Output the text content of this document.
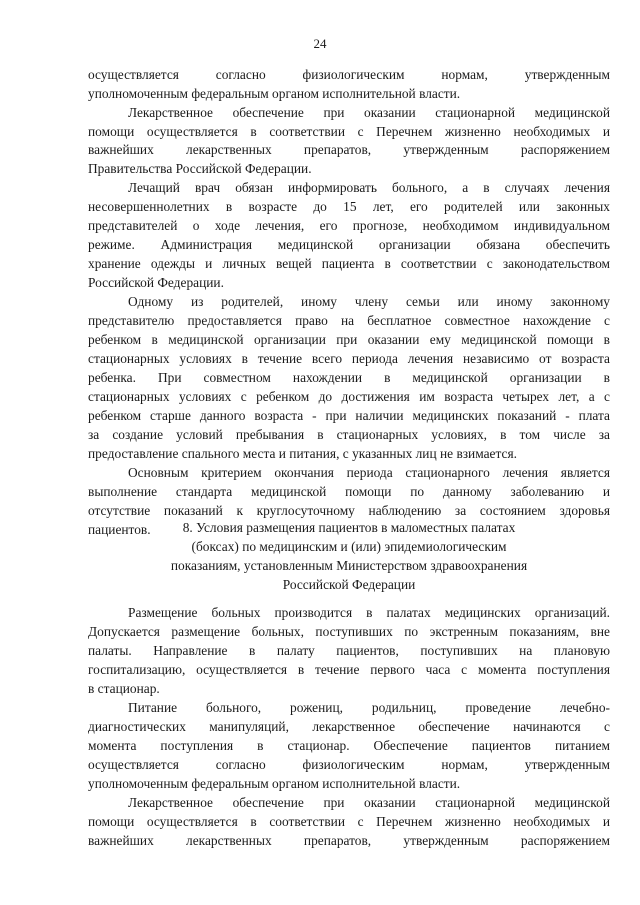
24
осуществляется согласно физиологическим нормам, утвержденным
уполномоченным федеральным органом исполнительной власти.
Лекарственное обеспечение при оказании стационарной медицинской
помощи осуществляется в соответствии с Перечнем жизненно необходимых и
важнейших лекарственных препаратов, утвержденным распоряжением
Правительства Российской Федерации.
Лечащий врач обязан информировать больного, а в случаях лечения
несовершеннолетних в возрасте до 15 лет, его родителей или законных
представителей о ходе лечения, его прогнозе, необходимом индивидуальном
режиме. Администрация медицинской организации обязана обеспечить
хранение одежды и личных вещей пациента в соответствии с законодательством
Российской Федерации.
Одному из родителей, иному члену семьи или иному законному
представителю предоставляется право на бесплатное совместное нахождение с
ребенком в медицинской организации при оказании ему медицинской помощи в
стационарных условиях в течение всего периода лечения независимо от возраста
ребенка. При совместном нахождении в медицинской организации в
стационарных условиях с ребенком до достижения им возраста четырех лет, а с
ребенком старше данного возраста - при наличии медицинских показаний - плата
за создание условий пребывания в стационарных условиях, в том числе за
предоставление спального места и питания, с указанных лиц не взимается.
Основным критерием окончания периода стационарного лечения является
выполнение стандарта медицинской помощи по данному заболеванию и
отсутствие показаний к круглосуточному наблюдению за состоянием здоровья
пациентов.	8. Условия размещения пациентов в маломестных палатах
(боксах) по медицинским и (или) эпидемиологическим
показаниям, установленным Министерством здравоохранения
Российской Федерации
Размещение больных производится в палатах медицинских организаций.
Допускается размещение больных, поступивших по экстренным показаниям, вне
палаты. Направление в палату пациентов, поступивших на плановую
госпитализацию, осуществляется в течение первого часа с момента поступления
в стационар.
Питание больного, рожениц, родильниц, проведение лечебно-
диагностических манипуляций, лекарственное обеспечение начинаются с
момента поступления в стационар. Обеспечение пациентов питанием
осуществляется согласно физиологическим нормам, утвержденным
уполномоченным федеральным органом исполнительной власти.
Лекарственное обеспечение при оказании стационарной медицинской
помощи осуществляется в соответствии с Перечнем жизненно необходимых и
важнейших лекарственных препаратов, утвержденным распоряжением
